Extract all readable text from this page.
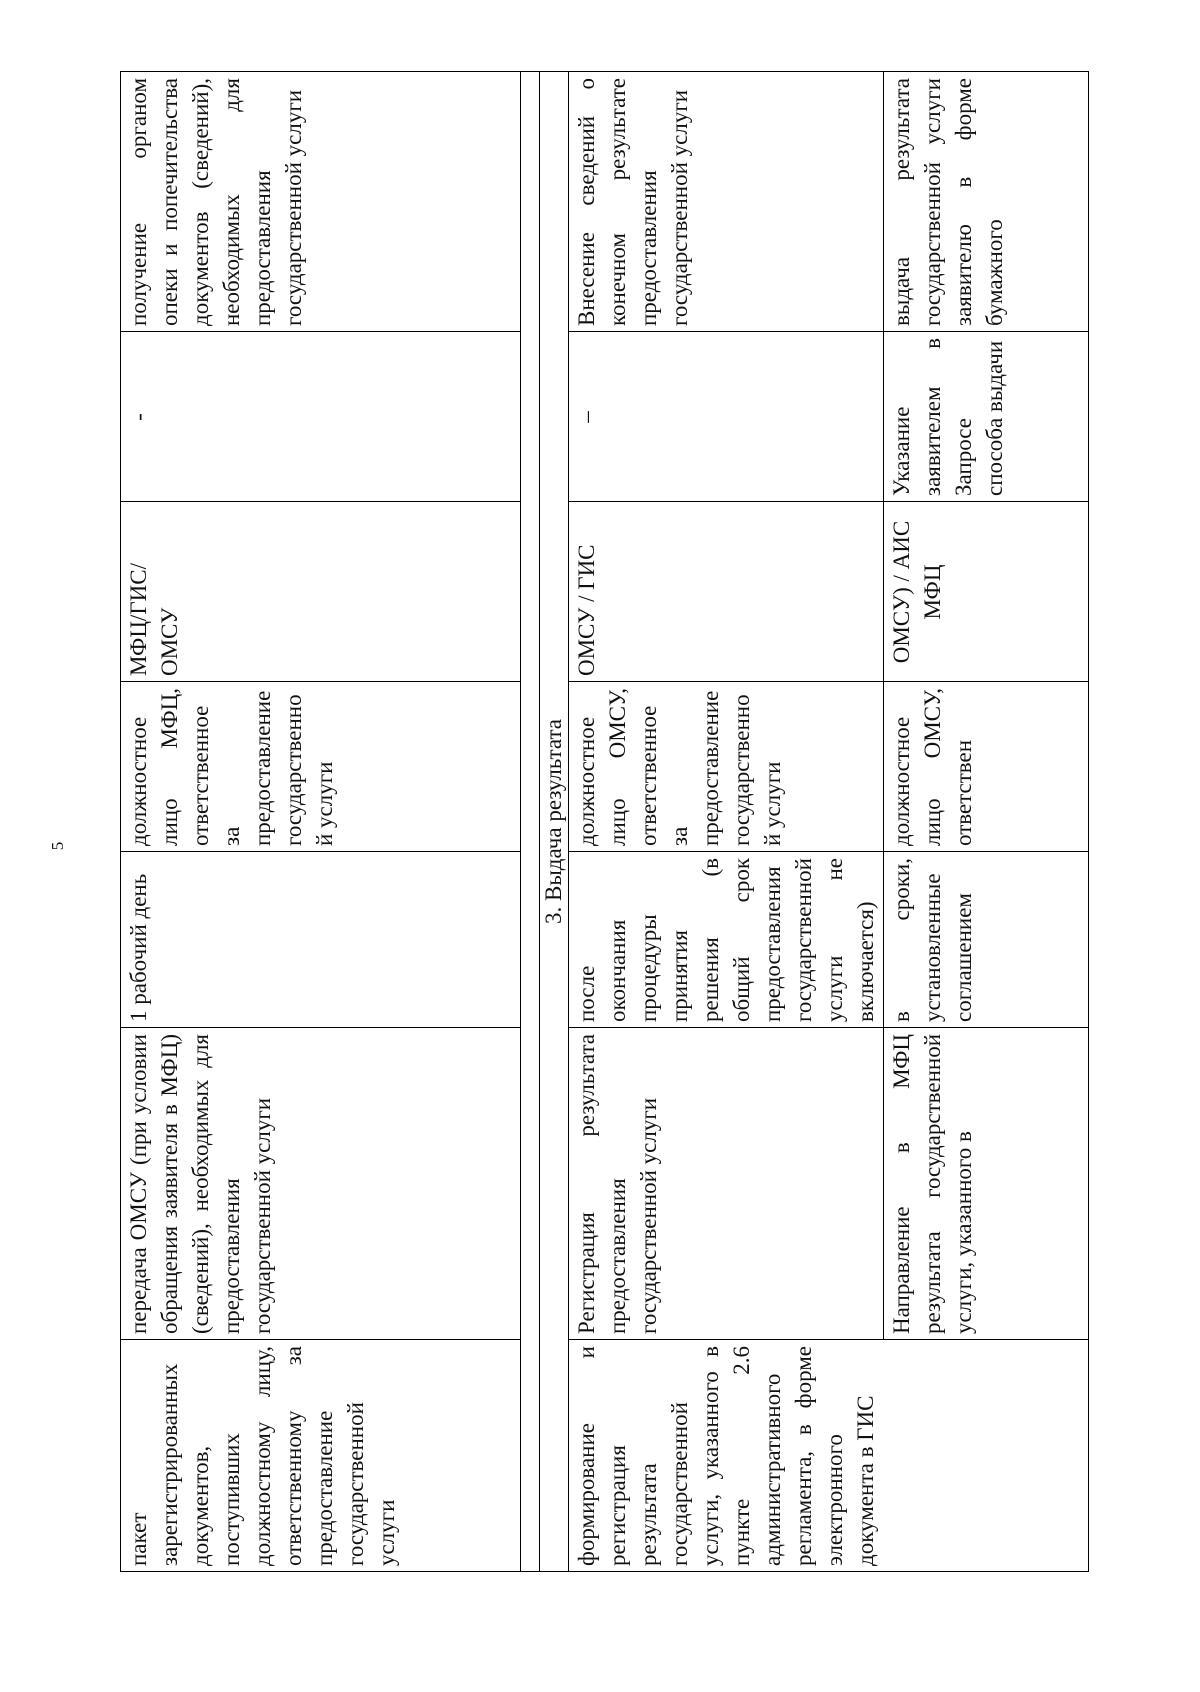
5
пакет зарегистрированных документов, поступивших должностному лицу, ответственному за предоставление государственной услуги	передача ОМСУ (при условии обращения заявителя в МФЦ) (сведений), необходимых для предоставления государственной услуги	1 рабочий день	должностное лицо МФЦ, ответственное за предоставление государственной услуги	МФЦ/ГИС/ ОМСУ	-	получение органом опеки и попечительства документов (сведений), необходимых для предоставления государственной услуги

3. Выдача результата						
формирование и регистрация результата государственной услуги, указанного в пункте 2.6 административного регламента, в форме электронного документа в ГИС	Регистрация результата предоставления государственной услуги	после окончания процедуры принятия решения (в общий срок предоставления государственной услуги не включается)	должностное лицо ОМСУ, ответственное за предоставление государственной услуги	ОМСУ / ГИС	–	Внесение сведений о конечном результате предоставления государственной услуги
	Направление в МФЦ результата государственной услуги, указанного в	в сроки, установленные соглашением	должностное лицо ОМСУ, ответствен	ОМСУ) / АИС МФЦ	Указание заявителем в Запросе способа выдачи	выдача результата государственной услуги заявителю в форме бумажного
